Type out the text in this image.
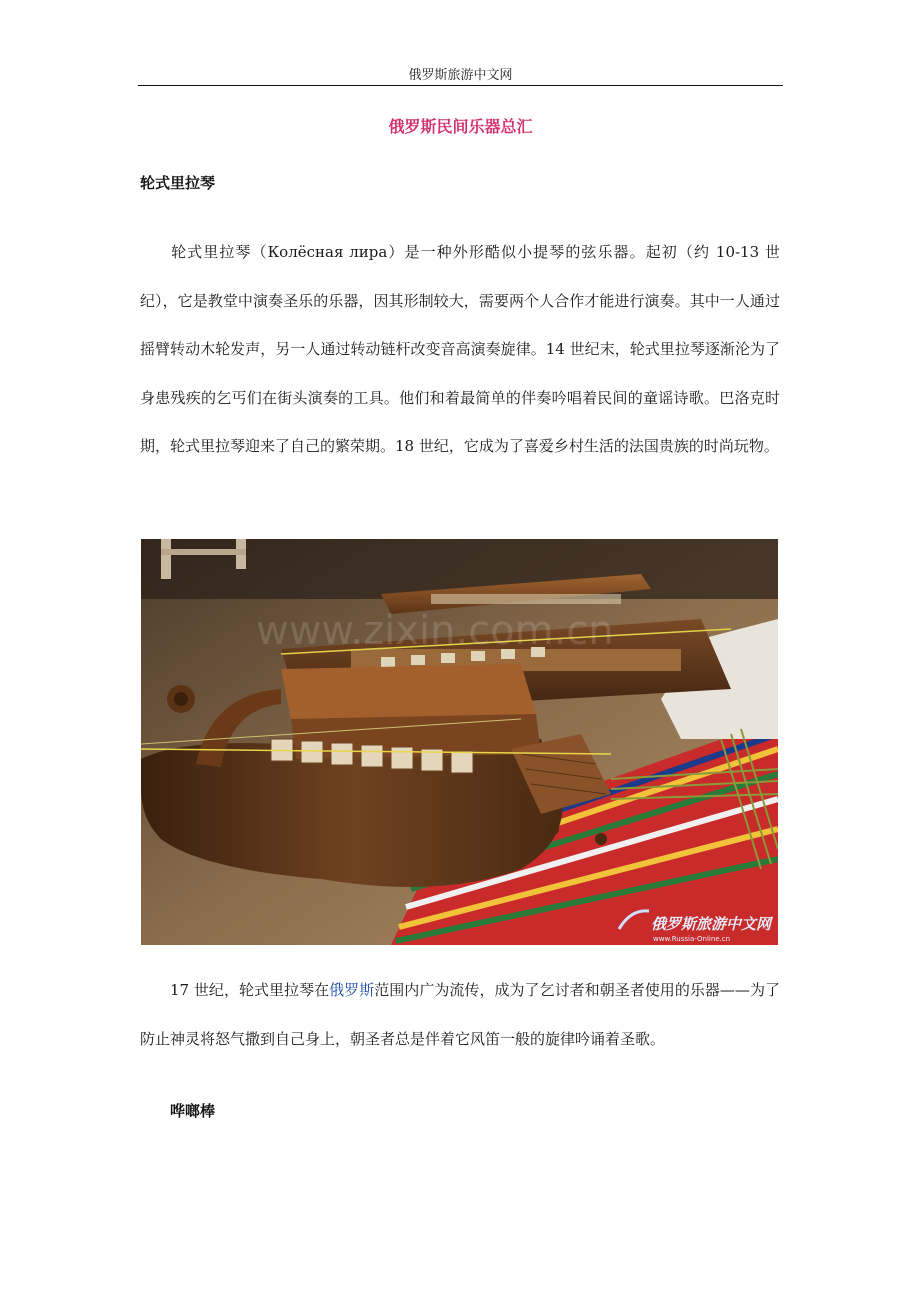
俄罗斯旅游中文网
俄罗斯民间乐器总汇
轮式里拉琴
轮式里拉琴（Колёсная лира）是一种外形酷似小提琴的弦乐器。起初（约 10-13 世纪），它是教堂中演奏圣乐的乐器，因其形制较大，需要两个人合作才能进行演奏。其中一人通过摇臂转动木轮发声，另一人通过转动链杆改变音高演奏旋律。14 世纪末，轮式里拉琴逐渐沦为了身患残疾的乞丐们在街头演奏的工具。他们和着最简单的伴奏吟唱着民间的童谣诗歌。巴洛克时期，轮式里拉琴迎来了自己的繁荣期。18 世纪，它成为了喜爱乡村生活的法国贵族的时尚玩物。
www.zixin.com.cn
俄罗斯旅游中文网
www.Russia-Online.cn
17 世纪，轮式里拉琴在俄罗斯范围内广为流传，成为了乞讨者和朝圣者使用的乐器——为了防止神灵将怒气撒到自己身上，朝圣者总是伴着它风笛一般的旋律吟诵着圣歌。
哗啷棒
